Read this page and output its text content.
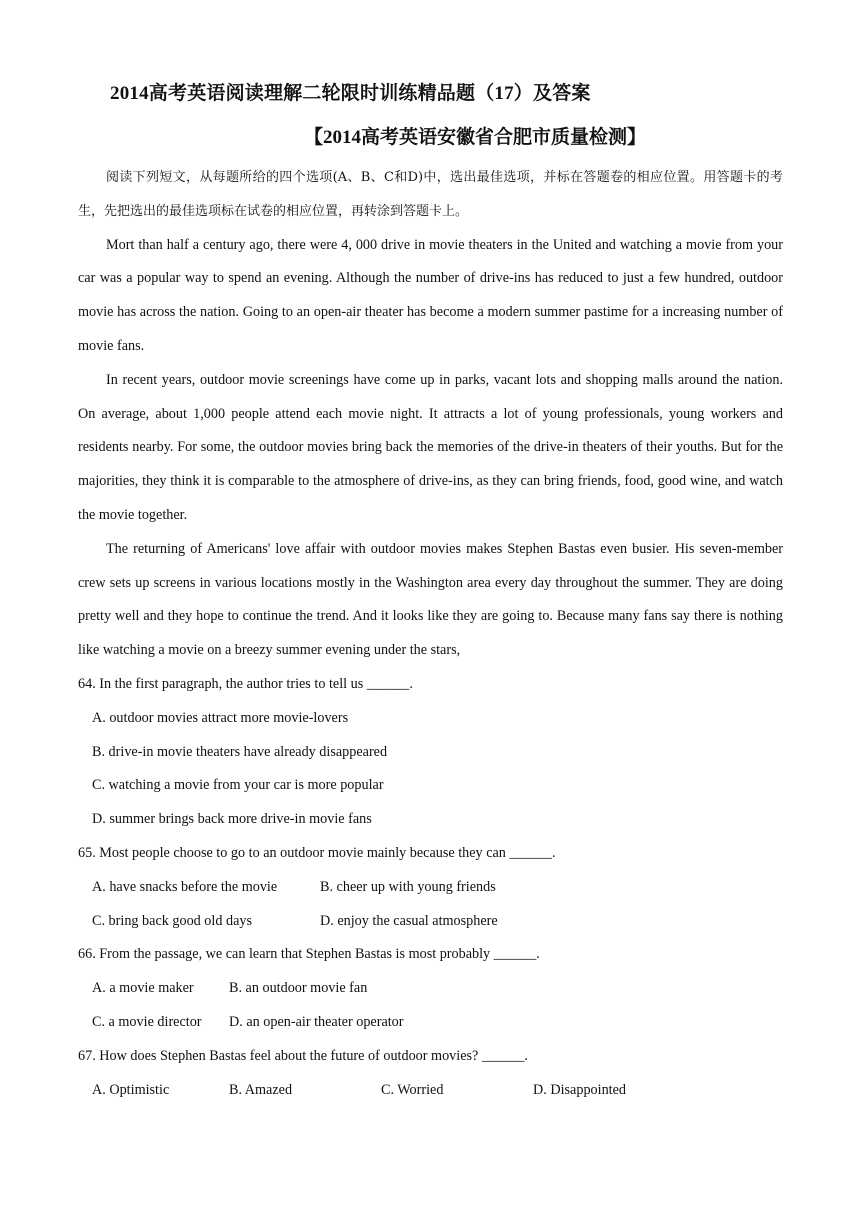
2014高考英语阅读理解二轮限时训练精品题（17）及答案
【2014高考英语安徽省合肥市质量检测】

阅读下列短文，从每题所给的四个选项(A、B、C和D)中，选出最佳选项，并标在答题卷的相应位置。用答题卡的考生，先把选出的最佳选项标在试卷的相应位置，再转涂到答题卡上。

Mort than half a century ago, there were 4, 000 drive in movie theaters in the United and watching a movie from your car was a popular way to spend an evening. Although the number of drive-ins has reduced to just a few hundred, outdoor movie has across the nation. Going to an open-air theater has become a modern summer pastime for a increasing number of movie fans.

In recent years, outdoor movie screenings have come up in parks, vacant lots and shopping malls around the nation. On average, about 1,000 people attend each movie night. It attracts a lot of young professionals, young workers and residents nearby. For some, the outdoor movies bring back the memories of the drive-in theaters of their youths. But for the majorities, they think it is comparable to the atmosphere of drive-ins, as they can bring friends, food, good wine, and watch the movie together.

The returning of Americans' love affair with outdoor movies makes Stephen Bastas even busier. His seven-member crew sets up screens in various locations mostly in the Washington area every day throughout the summer. They are doing pretty well and they hope to continue the trend. And it looks like they are going to. Because many fans say there is nothing like watching a movie on a breezy summer evening under the stars,

64. In the first paragraph, the author tries to tell us ______.

A. outdoor movies attract more movie-lovers

B. drive-in movie theaters have already disappeared

C. watching a movie from your car is more popular

D. summer brings back more drive-in movie fans

65. Most people choose to go to an outdoor movie mainly because they can ______.

A. have snacks before the movie	B. cheer up with young friends

C. bring back good old days	D. enjoy the casual atmosphere

66. From the passage, we can learn that Stephen Bastas is most probably ______.

A. a movie maker B. an outdoor movie fan

C. a movie director D. an open-air theater operator

67. How does Stephen Bastas feel about the future of outdoor movies? ______.

A. Optimistic	B. Amazed	C. Worried	D. Disappointed
